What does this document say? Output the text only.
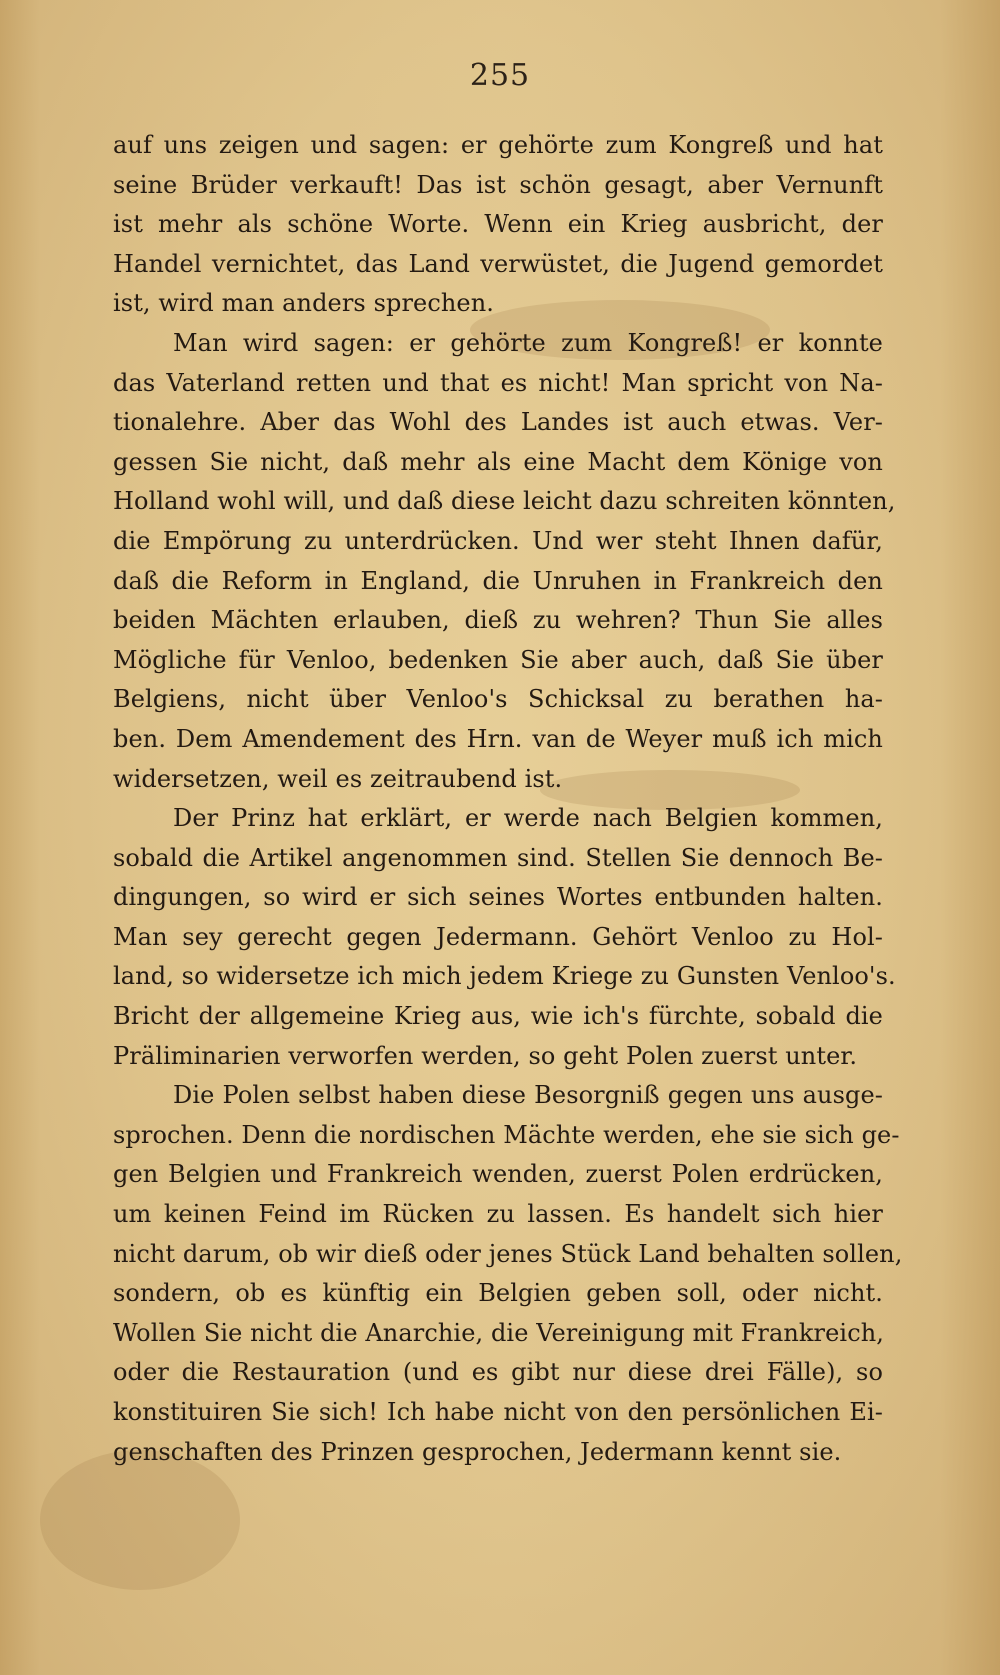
255
auf uns zeigen und sagen: er gehörte zum Kongreß und hat
seine Brüder verkauft! Das ist schön gesagt, aber Vernunft
ist mehr als schöne Worte. Wenn ein Krieg ausbricht, der
Handel vernichtet, das Land verwüstet, die Jugend gemordet
ist, wird man anders sprechen.
Man wird sagen: er gehörte zum Kongreß! er konnte
das Vaterland retten und that es nicht! Man spricht von Na-
tionalehre. Aber das Wohl des Landes ist auch etwas. Ver-
gessen Sie nicht, daß mehr als eine Macht dem Könige von
Holland wohl will, und daß diese leicht dazu schreiten könnten,
die Empörung zu unterdrücken. Und wer steht Ihnen dafür,
daß die Reform in England, die Unruhen in Frankreich den
beiden Mächten erlauben, dieß zu wehren? Thun Sie alles
Mögliche für Venloo, bedenken Sie aber auch, daß Sie über
Belgiens, nicht über Venloo's Schicksal zu berathen ha-
ben. Dem Amendement des Hrn. van de Weyer muß ich mich
widersetzen, weil es zeitraubend ist.
Der Prinz hat erklärt, er werde nach Belgien kommen,
sobald die Artikel angenommen sind. Stellen Sie dennoch Be-
dingungen, so wird er sich seines Wortes entbunden halten.
Man sey gerecht gegen Jedermann. Gehört Venloo zu Hol-
land, so widersetze ich mich jedem Kriege zu Gunsten Venloo's.
Bricht der allgemeine Krieg aus, wie ich's fürchte, sobald die
Präliminarien verworfen werden, so geht Polen zuerst unter.
Die Polen selbst haben diese Besorgniß gegen uns ausge-
sprochen. Denn die nordischen Mächte werden, ehe sie sich ge-
gen Belgien und Frankreich wenden, zuerst Polen erdrücken,
um keinen Feind im Rücken zu lassen. Es handelt sich hier
nicht darum, ob wir dieß oder jenes Stück Land behalten sollen,
sondern, ob es künftig ein Belgien geben soll, oder nicht.
Wollen Sie nicht die Anarchie, die Vereinigung mit Frankreich,
oder die Restauration (und es gibt nur diese drei Fälle), so
konstituiren Sie sich! Ich habe nicht von den persönlichen Ei-
genschaften des Prinzen gesprochen, Jedermann kennt sie.
